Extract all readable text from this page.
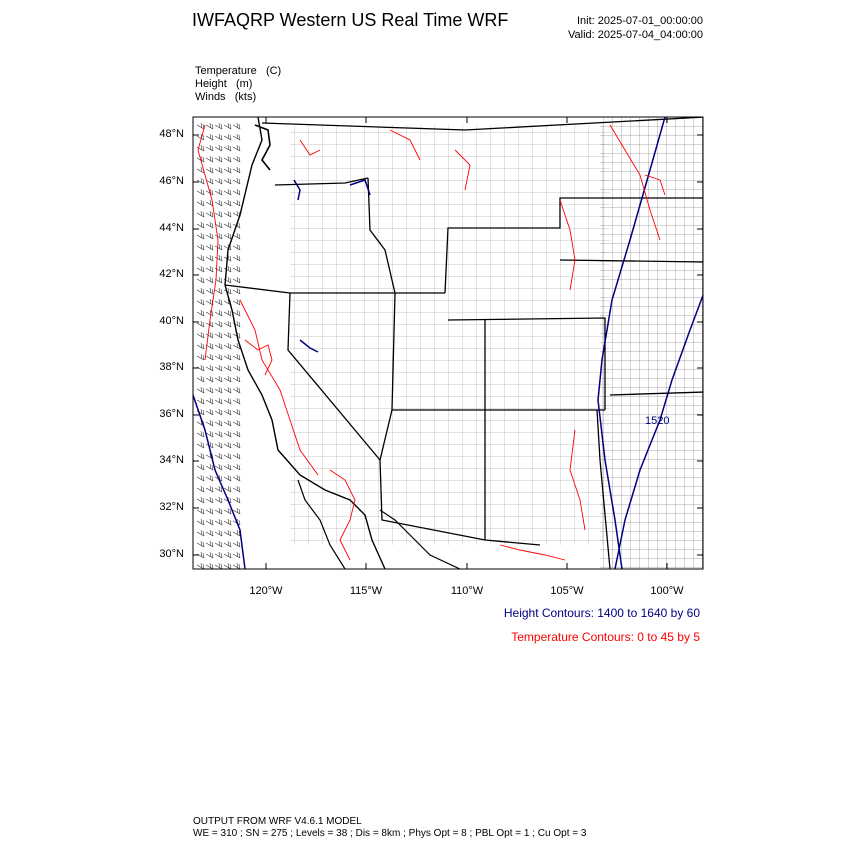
IWFAQRP Western US Real Time WRF	Init: 2025-07-01_00:00:00
Valid: 2025-07-04_04:00:00
Temperature (C)
Height (m)
Winds (kts)
1520
48°N
46°N
44°N
42°N
40°N
38°N
36°N
34°N
32°N
30°N
120°W	115°W	110°W	105°W	100°W
Height Contours: 1400 to 1640 by 60
Temperature Contours: 0 to 45 by 5
OUTPUT FROM WRF V4.6.1 MODEL
WE = 310 ; SN = 275 ; Levels = 38 ; Dis = 8km ; Phys Opt = 8 ; PBL Opt = 1 ; Cu Opt = 3
